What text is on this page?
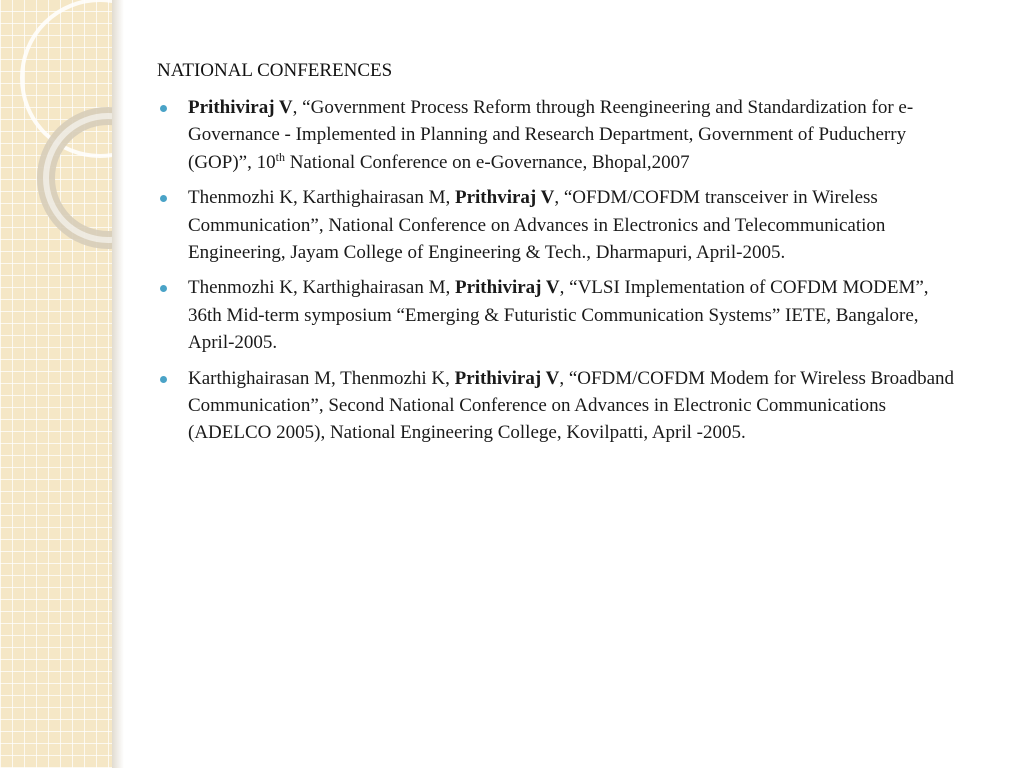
NATIONAL CONFERENCES
Prithiviraj V, “Government Process Reform through Reengineering and Standardization for e-Governance - Implemented in Planning and Research Department, Government of Puducherry (GOP)”, 10th National Conference on e-Governance, Bhopal,2007
Thenmozhi K, Karthighairasan M, Prithviraj V, “OFDM/COFDM transceiver in Wireless Communication”, National Conference on Advances in Electronics and Telecommunication Engineering, Jayam College of Engineering & Tech., Dharmapuri, April-2005.
Thenmozhi K, Karthighairasan M, Prithiviraj V, “VLSI Implementation of COFDM MODEM”, 36th Mid-term symposium “Emerging & Futuristic Communication Systems” IETE, Bangalore, April-2005.
Karthighairasan M, Thenmozhi K, Prithiviraj V, “OFDM/COFDM Modem for Wireless Broadband Communication”, Second National Conference on Advances in Electronic Communications (ADELCO 2005), National Engineering College, Kovilpatti, April -2005.
